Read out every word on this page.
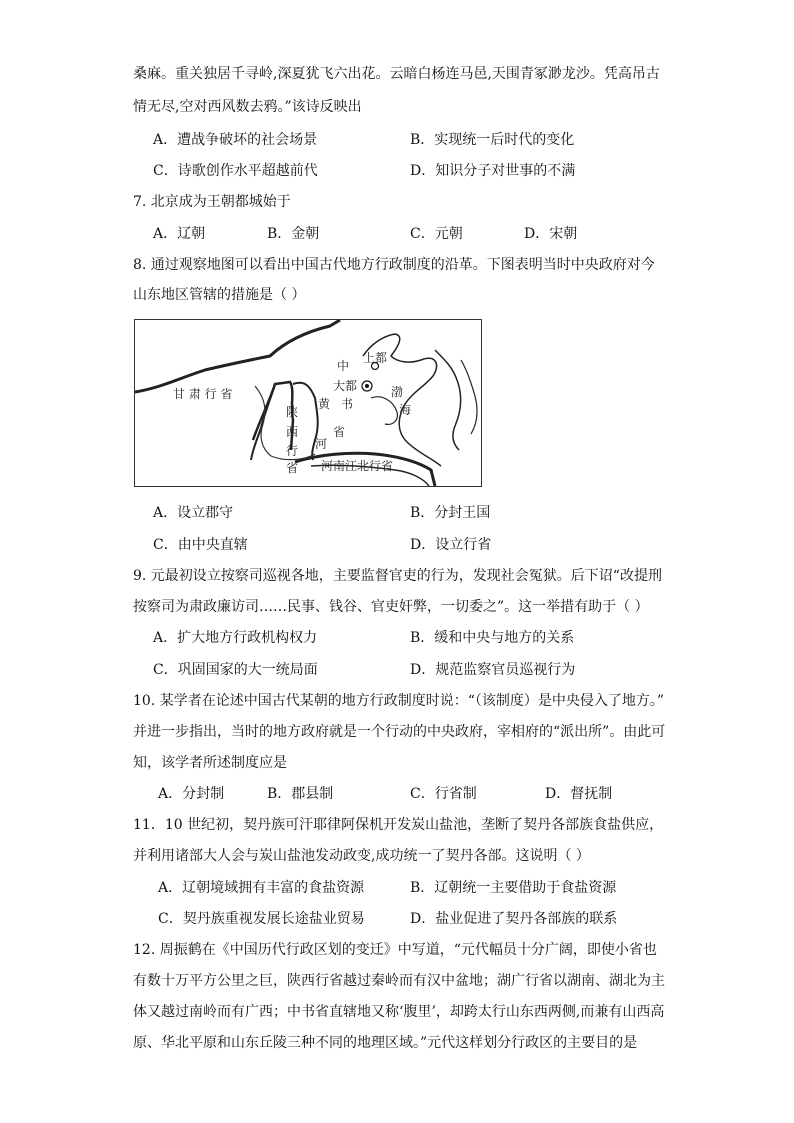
桑麻。重关独居千寻岭,深夏犹飞六出花。云暗白杨连马邑,天围青冢渺龙沙。凭高吊古
情无尽,空对西风数去鸦。”该诗反映出
A．遭战争破坏的社会场景	B．实现统一后时代的变化
C．诗歌创作水平超越前代	D．知识分子对世事的不满
7. 北京成为王朝都城始于
A．辽朝	B．金朝	C．元朝	D．宋朝
8. 通过观察地图可以看出中国古代地方行政制度的沿革。下图表明当时中央政府对今
山东地区管辖的措施是（ ）
甘 肃 行 省
陕
西
行
省
中
上都
大都
书
省
黄
河
渤
海
河南江北行省
A．设立郡守	B．分封王国
C．由中央直辖	D．设立行省
9. 元最初设立按察司巡视各地，主要监督官吏的行为，发现社会冤狱。后下诏“改提刑
按察司为肃政廉访司……民事、钱谷、官吏奸弊，一切委之”。这一举措有助于（ ）
A．扩大地方行政机构权力	B．缓和中央与地方的关系
C．巩固国家的大一统局面	D．规范监察官员巡视行为
10. 某学者在论述中国古代某朝的地方行政制度时说：“（该制度）是中央侵入了地方。”
并进一步指出，当时的地方政府就是一个行动的中央政府，宰相府的“派出所”。由此可
知，该学者所述制度应是
A．分封制	B．郡县制	C．行省制	D．督抚制
11．10 世纪初，契丹族可汗耶律阿保机开发炭山盐池，垄断了契丹各部族食盐供应，
并利用诸部大人会与炭山盐池发动政变,成功统一了契丹各部。这说明（ ）
A．辽朝境域拥有丰富的食盐资源	B．辽朝统一主要借助于食盐资源
C．契丹族重视发展长途盐业贸易	D．盐业促进了契丹各部族的联系
12. 周振鹤在《中国历代行政区划的变迁》中写道，“元代幅员十分广阔，即使小省也
有数十万平方公里之巨，陕西行省越过秦岭而有汉中盆地；湖广行省以湖南、湖北为主
体又越过南岭而有广西；中书省直辖地又称‘腹里’，却跨太行山东西两侧,而兼有山西高
原、华北平原和山东丘陵三种不同的地理区域。”元代这样划分行政区的主要目的是
